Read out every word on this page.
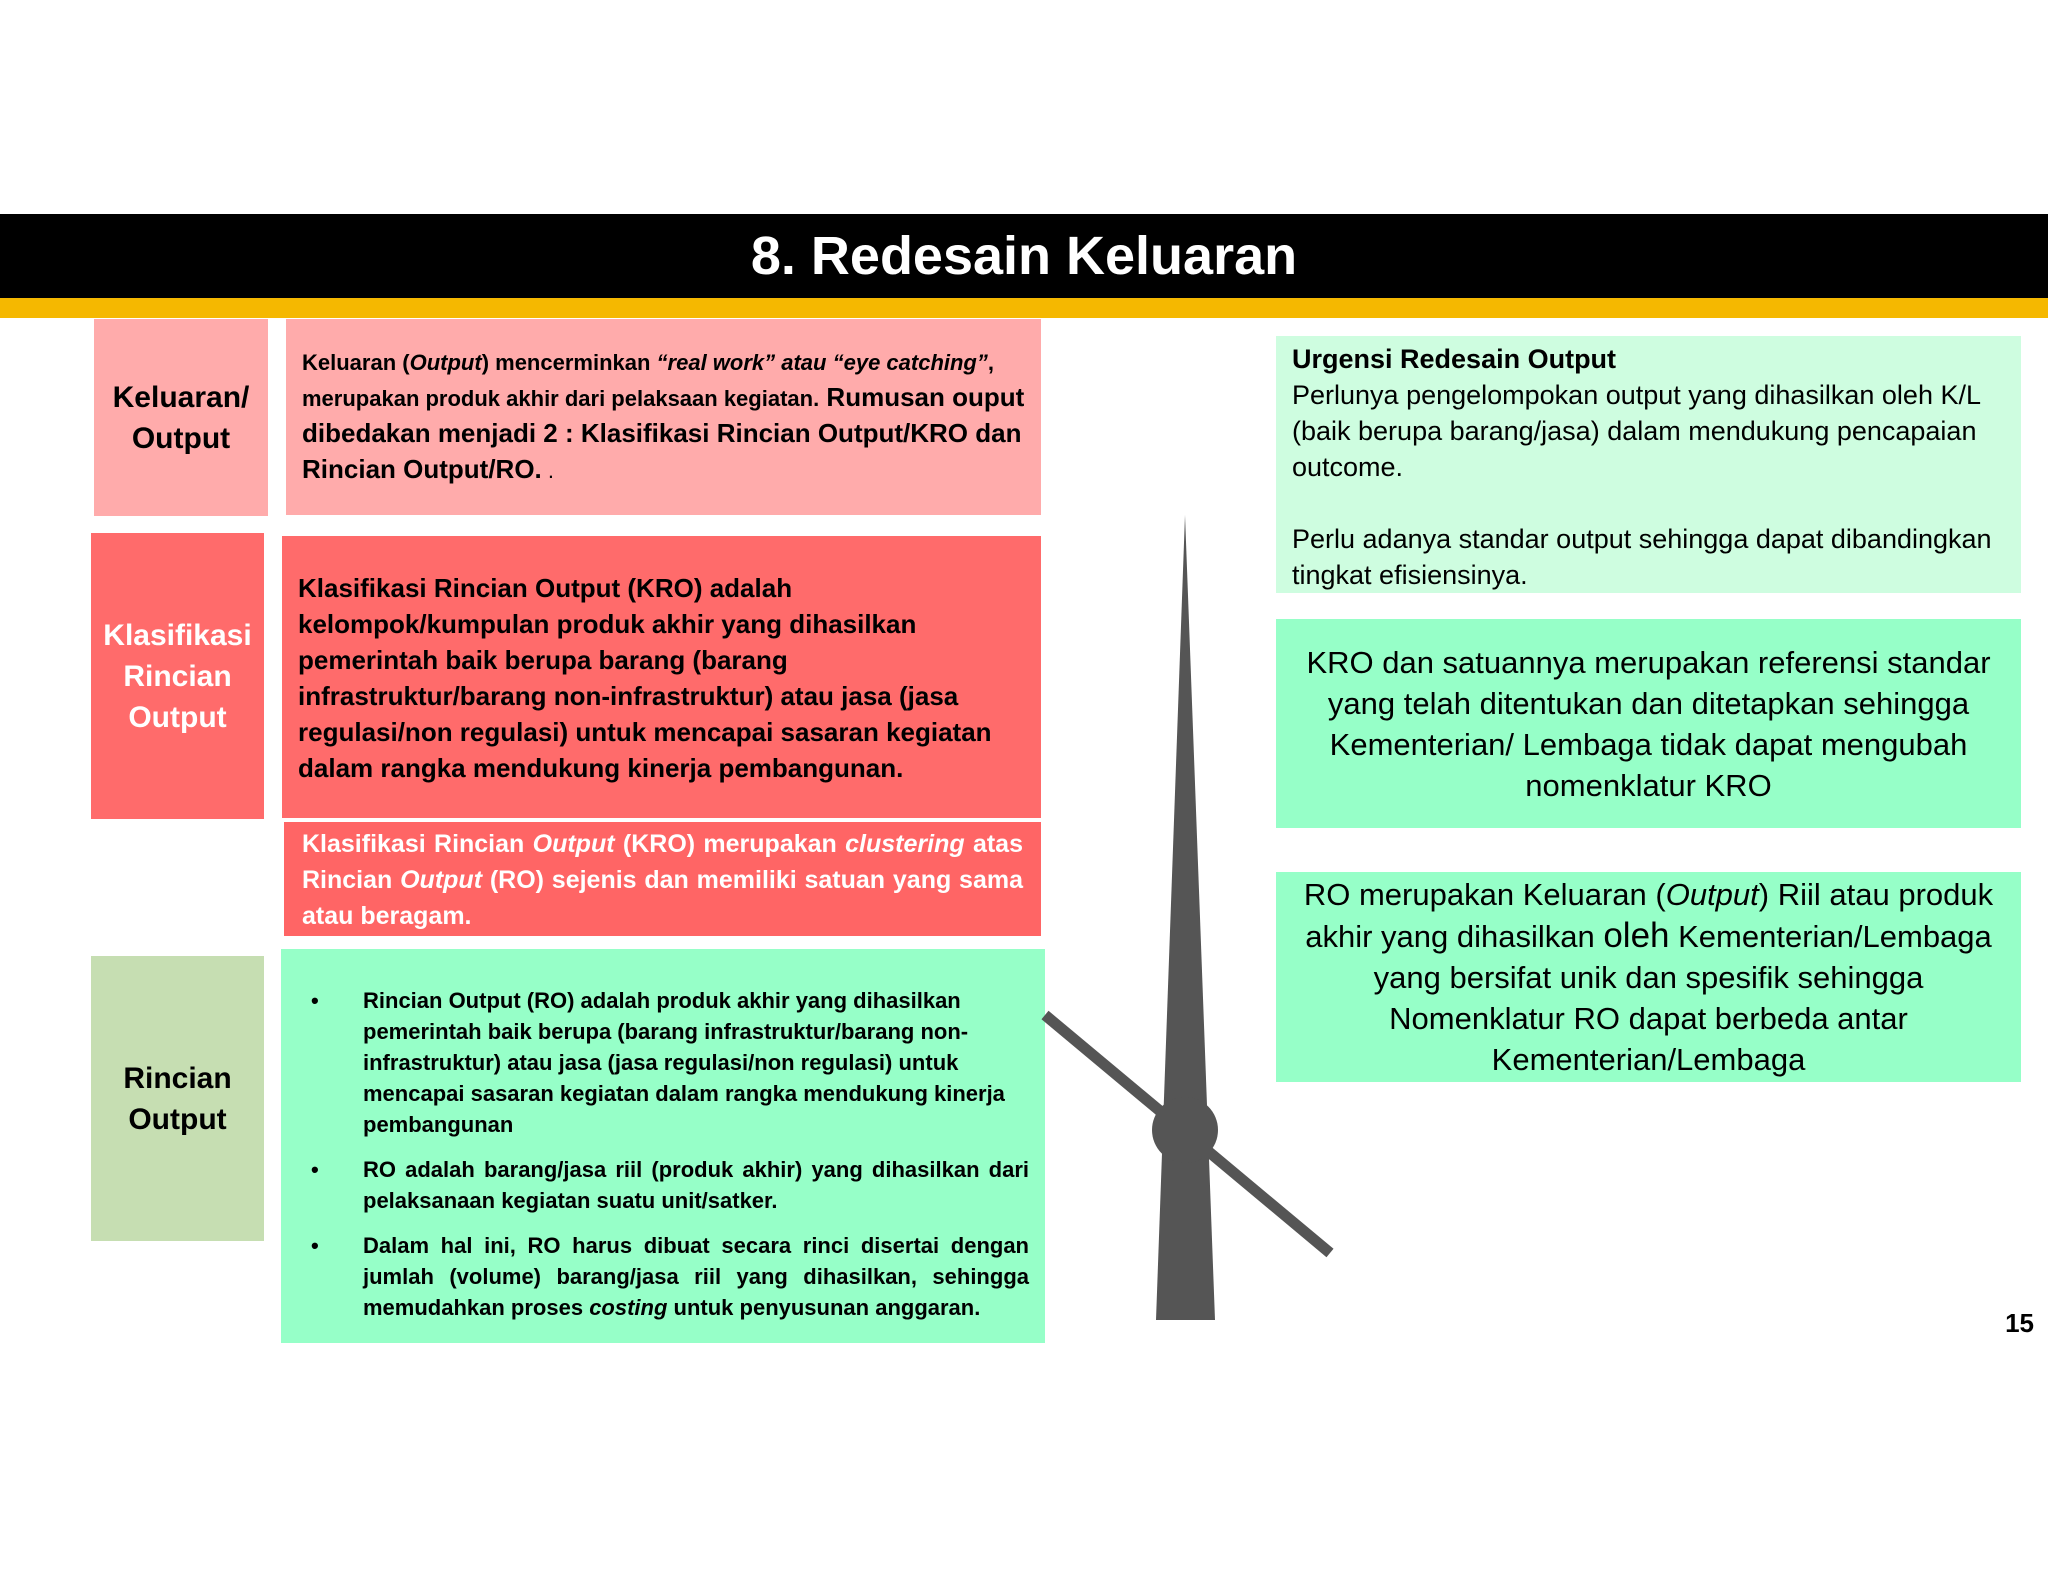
8. Redesain Keluaran
Keluaran/
Output
Klasifikasi
Rincian
Output
Rincian
Output

Keluaran (Output) mencerminkan “real work” atau “eye catching”, merupakan produk akhir dari pelaksaan kegiatan. Rumusan ouput dibedakan menjadi 2 : Klasifikasi Rincian Output/KRO dan Rincian Output/RO. .

Klasifikasi Rincian Output (KRO) adalah kelompok/kumpulan produk akhir yang dihasilkan pemerintah baik berupa barang (barang infrastruktur/barang non-infrastruktur) atau jasa (jasa regulasi/non regulasi) untuk mencapai sasaran kegiatan dalam rangka mendukung kinerja pembangunan.

Klasifikasi Rincian Output (KRO) merupakan clustering atas Rincian Output (RO) sejenis dan memiliki satuan yang sama atau beragam.

• Rincian Output (RO) adalah produk akhir yang dihasilkan pemerintah baik berupa (barang infrastruktur/barang non-infrastruktur) atau jasa (jasa regulasi/non regulasi) untuk mencapai sasaran kegiatan dalam rangka mendukung kinerja pembangunan
• RO adalah barang/jasa riil (produk akhir) yang dihasilkan dari pelaksanaan kegiatan suatu unit/satker.
• Dalam hal ini, RO harus dibuat secara rinci disertai dengan jumlah (volume) barang/jasa riil yang dihasilkan, sehingga memudahkan proses costing untuk penyusunan anggaran.
Urgensi Redesain Output
Perlunya pengelompokan output yang dihasilkan oleh K/L (baik berupa barang/jasa) dalam mendukung pencapaian outcome.
Perlu adanya standar output sehingga dapat dibandingkan tingkat efisiensinya.
KRO dan satuannya merupakan referensi standar yang telah ditentukan dan ditetapkan sehingga Kementerian/ Lembaga tidak dapat mengubah nomenklatur KRO
RO merupakan Keluaran (Output) Riil atau produk akhir yang dihasilkan oleh Kementerian/Lembaga yang bersifat unik dan spesifik sehingga Nomenklatur RO dapat berbeda antar Kementerian/Lembaga
15
